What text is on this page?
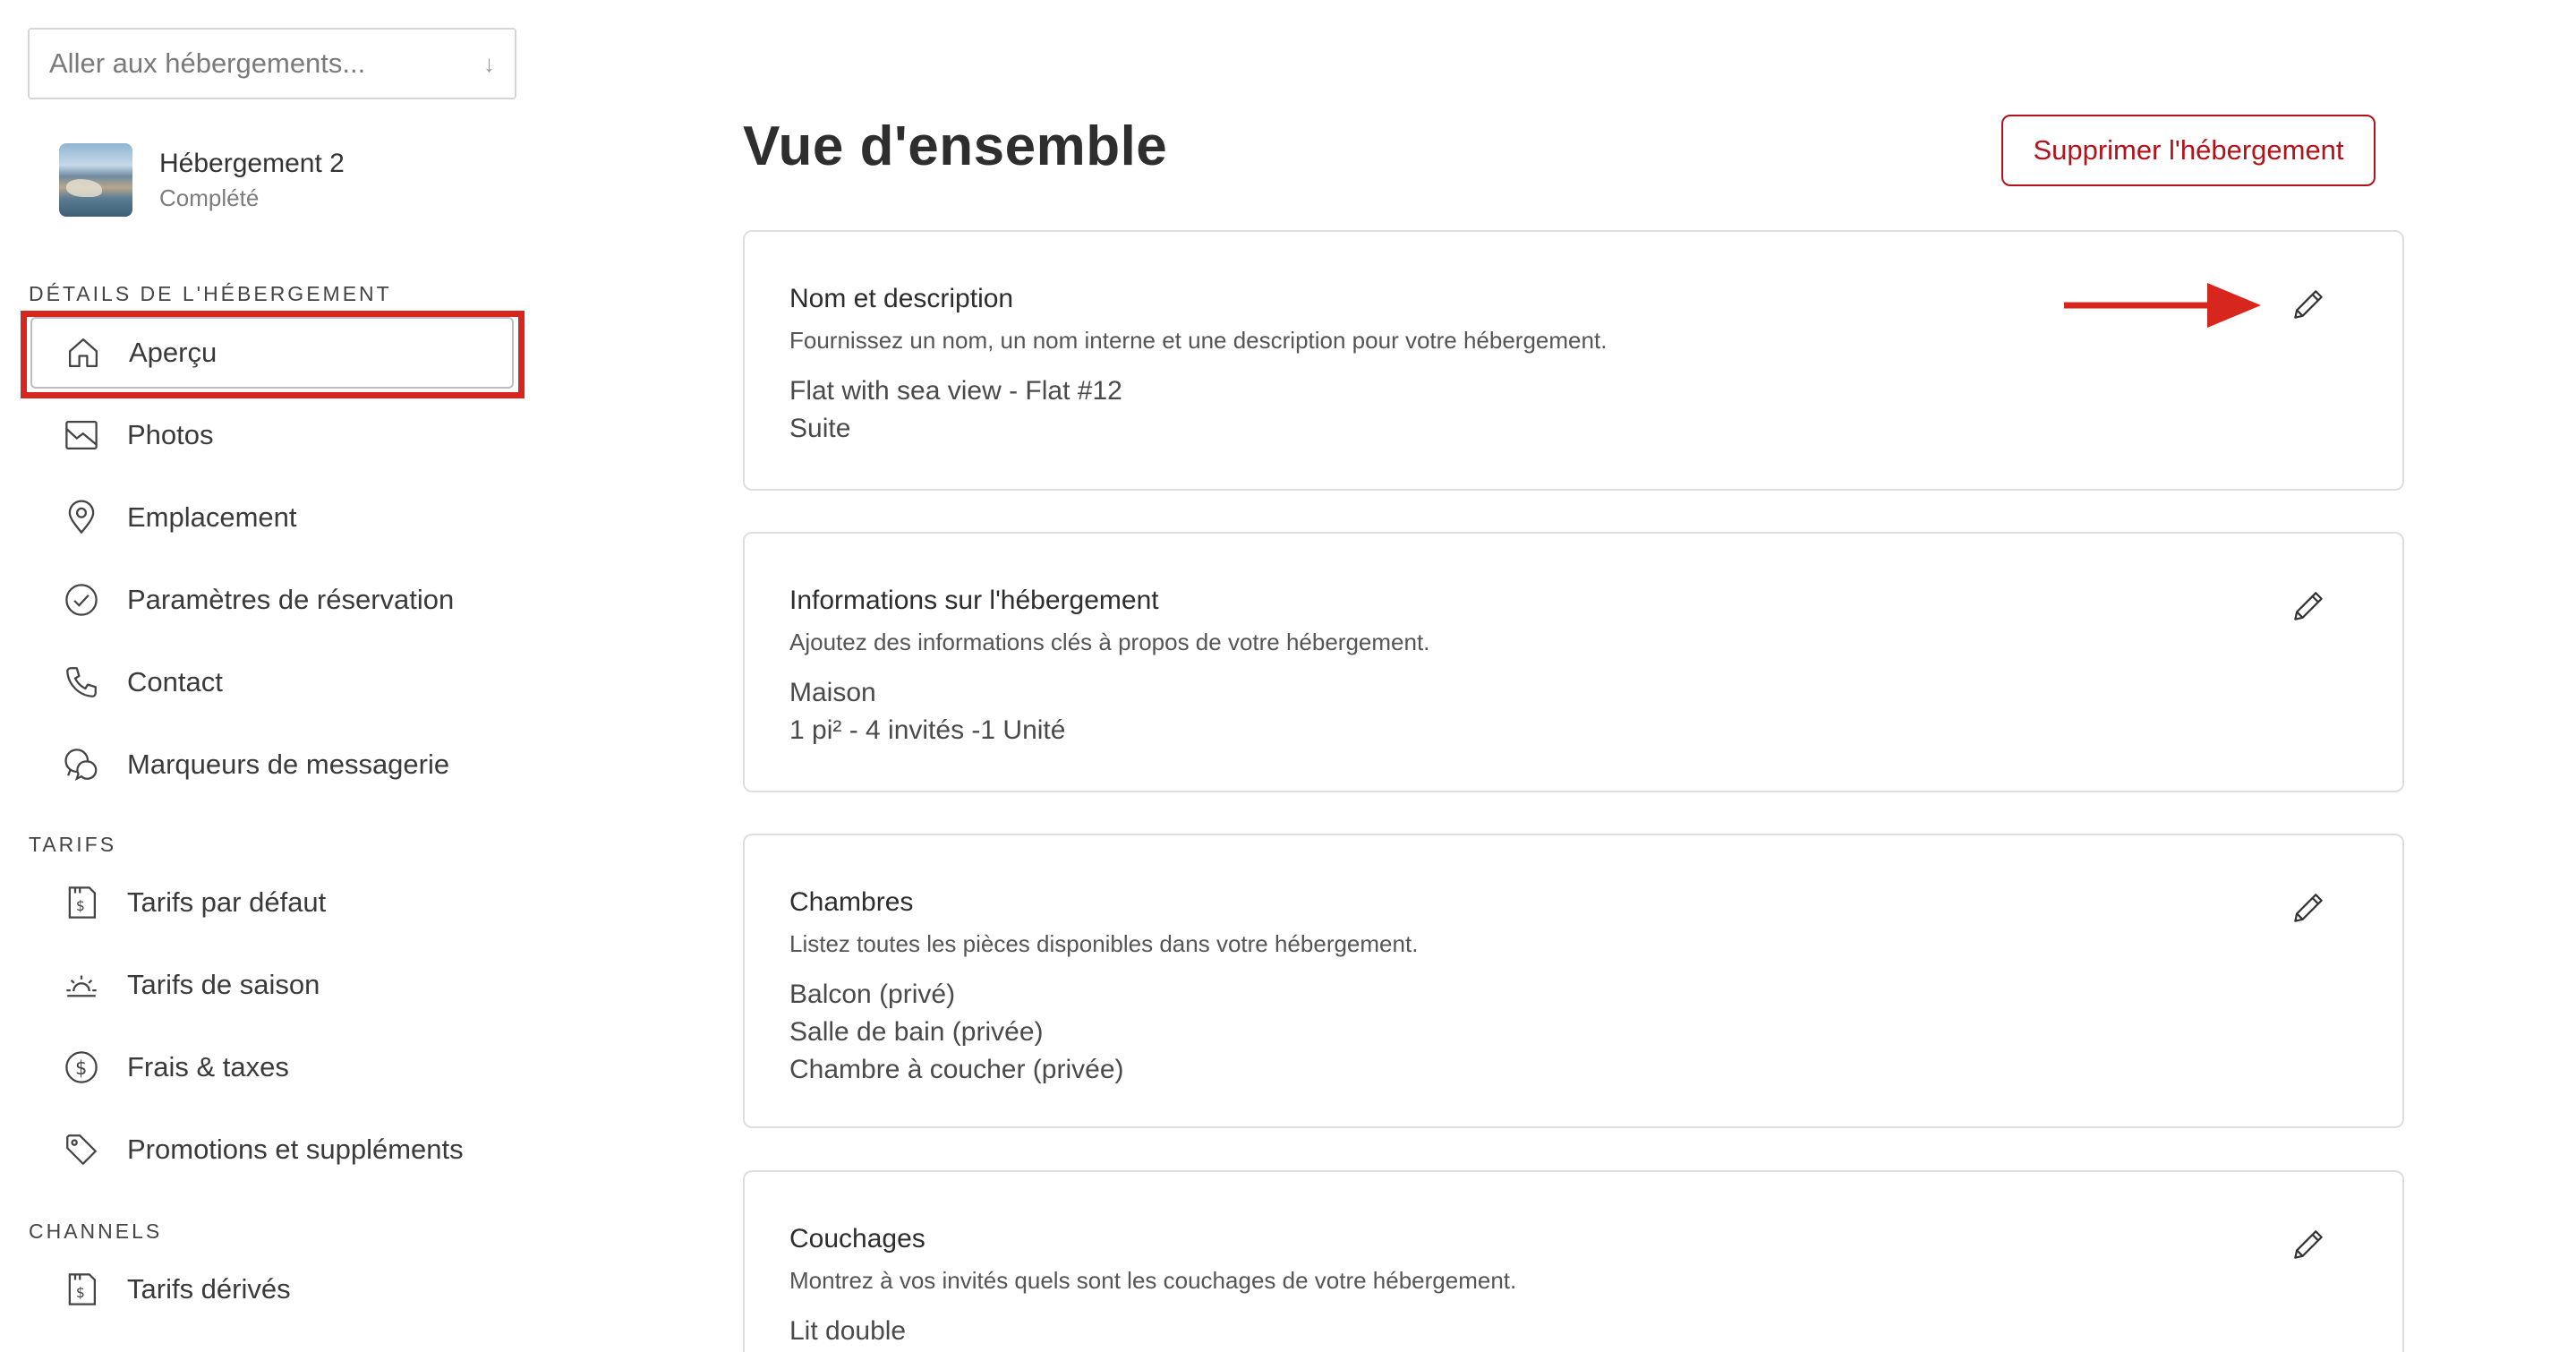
Aller aux hébergements...	↓
Hébergement 2
Complété
DÉTAILS DE L'HÉBERGEMENT
Aperçu
Photos
Emplacement
Paramètres de réservation
Contact
Marqueurs de messagerie
TARIFS
$ Tarifs par défaut
Tarifs de saison
$ Frais & taxes
Promotions et suppléments
CHANNELS
$ Tarifs dérivés
Vue d'ensemble	Supprimer l'hébergement
Nom et description
Fournissez un nom, un nom interne et une description pour votre hébergement.
Flat with sea view - Flat #12
Suite
Informations sur l'hébergement
Ajoutez des informations clés à propos de votre hébergement.
Maison
1 pi² - 4 invités -1 Unité
Chambres
Listez toutes les pièces disponibles dans votre hébergement.
Balcon (privé)
Salle de bain (privée)
Chambre à coucher (privée)
Couchages
Montrez à vos invités quels sont les couchages de votre hébergement.
Lit double
